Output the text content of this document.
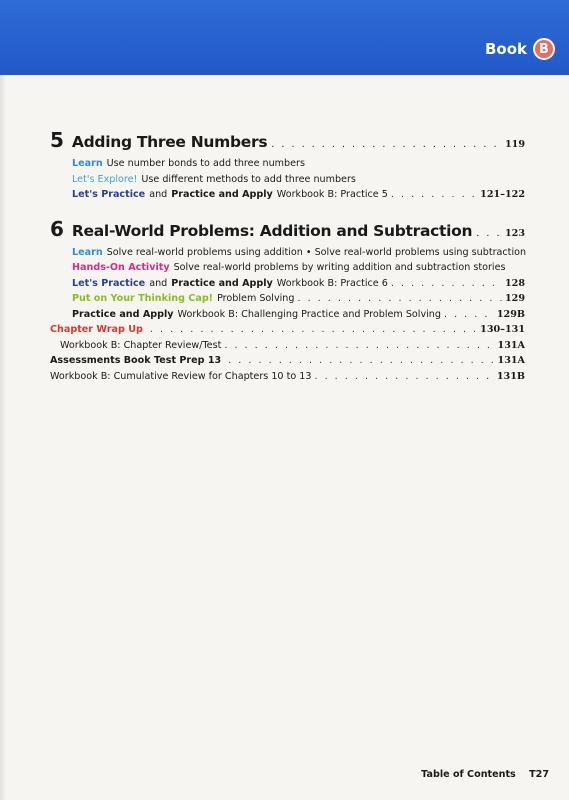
Book B
5 Adding Three Numbers . . .	119
Learn Use number bonds to add three numbers
Let's Explore! Use different methods to add three numbers
Let's Practice and Practice and Apply Workbook B: Practice 5 . . .	121–122
6 Real-World Problems: Addition and Subtraction . . .	123
Learn Solve real-world problems using addition • Solve real-world problems using subtraction
Hands-On Activity Solve real-world problems by writing addition and subtraction stories
Let's Practice and Practice and Apply Workbook B: Practice 6 . . .	128
Put on Your Thinking Cap! Problem Solving . . .	129
Practice and Apply Workbook B: Challenging Practice and Problem Solving . . .	129B
Chapter Wrap Up . . .	130–131
Workbook B: Chapter Review/Test . . .	131A
Assessments Book Test Prep 13 . . .	131A
Workbook B: Cumulative Review for Chapters 10 to 13 . . .	131B
Table of Contents T27
